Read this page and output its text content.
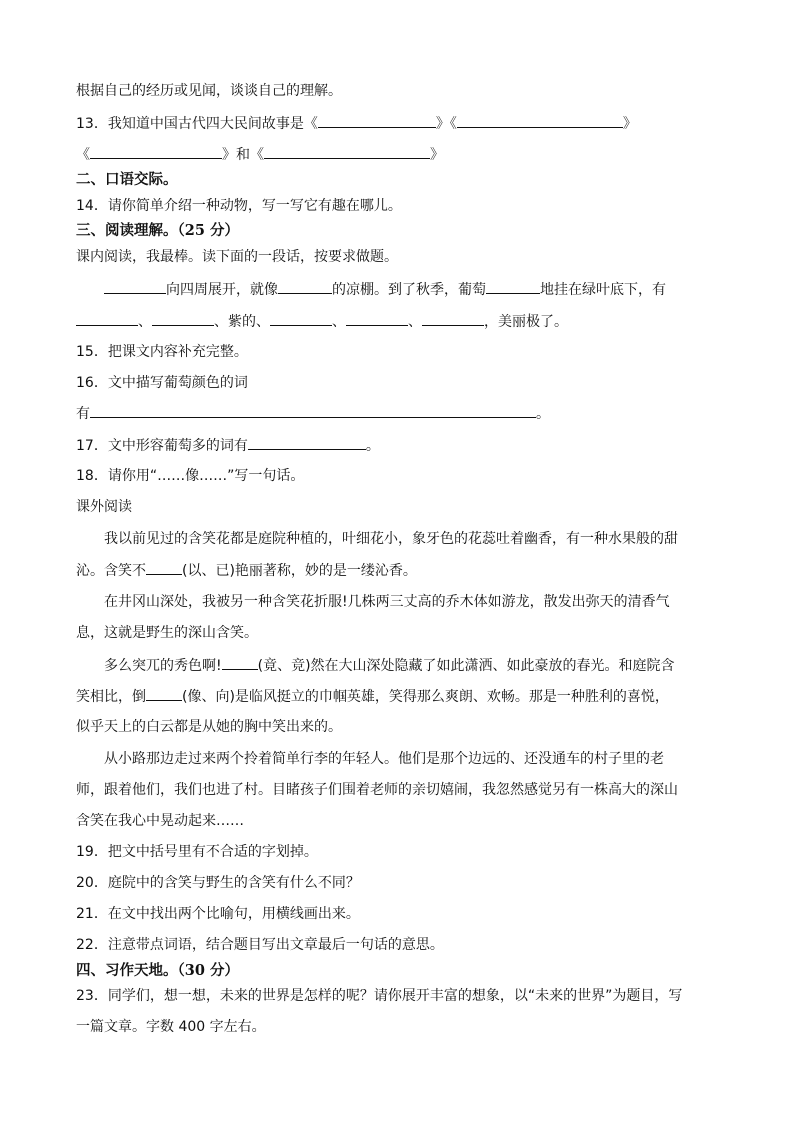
根据自己的经历或见闻，谈谈自己的理解。
13．我知道中国古代四大民间故事是《	》《	》
《	》和《	》
二、口语交际。
14．请你简单介绍一种动物，写一写它有趣在哪儿。
三、阅读理解。（25 分）
课内阅读，我最棒。读下面的一段话，按要求做题。
向四周展开，就像	的凉棚。到了秋季，葡萄	地挂在绿叶底下，有
、	、紫的、	、	、	，美丽极了。
15．把课文内容补充完整。
16．文中描写葡萄颜色的词
有	。
17．文中形容葡萄多的词有	。
18．请你用“……像……”写一句话。
课外阅读
我以前见过的含笑花都是庭院种植的，叶细花小，象牙色的花蕊吐着幽香，有一种水果般的甜
沁。含笑不	(以、已)艳丽著称，妙的是一缕沁香。
在井冈山深处，我被另一种含笑花折服!几株两三丈高的乔木体如游龙，散发出弥天的清香气
息，这就是野生的深山含笑。
多么突兀的秀色啊!	(竟、竞)然在大山深处隐藏了如此潇洒、如此豪放的春光。和庭院含
笑相比，倒	(像、向)是临风挺立的巾帼英雄，笑得那么爽朗、欢畅。那是一种胜利的喜悦，
似乎天上的白云都是从她的胸中笑出来的。
从小路那边走过来两个拎着简单行李的年轻人。他们是那个边远的、还没通车的村子里的老
师，跟着他们，我们也进了村。目睹孩子们围着老师的亲切嬉闹，我忽然感觉另有一株高大的深山
含笑在我心中晃动起来……
19．把文中括号里有不合适的字划掉。
20．庭院中的含笑与野生的含笑有什么不同？
21．在文中找出两个比喻句，用横线画出来。
22．注意带点词语，结合题目写出文章最后一句话的意思。
四、习作天地。（30 分）
23．同学们，想一想，未来的世界是怎样的呢？请你展开丰富的想象，以“未来的世界”为题目，写
一篇文章。字数 400 字左右。
